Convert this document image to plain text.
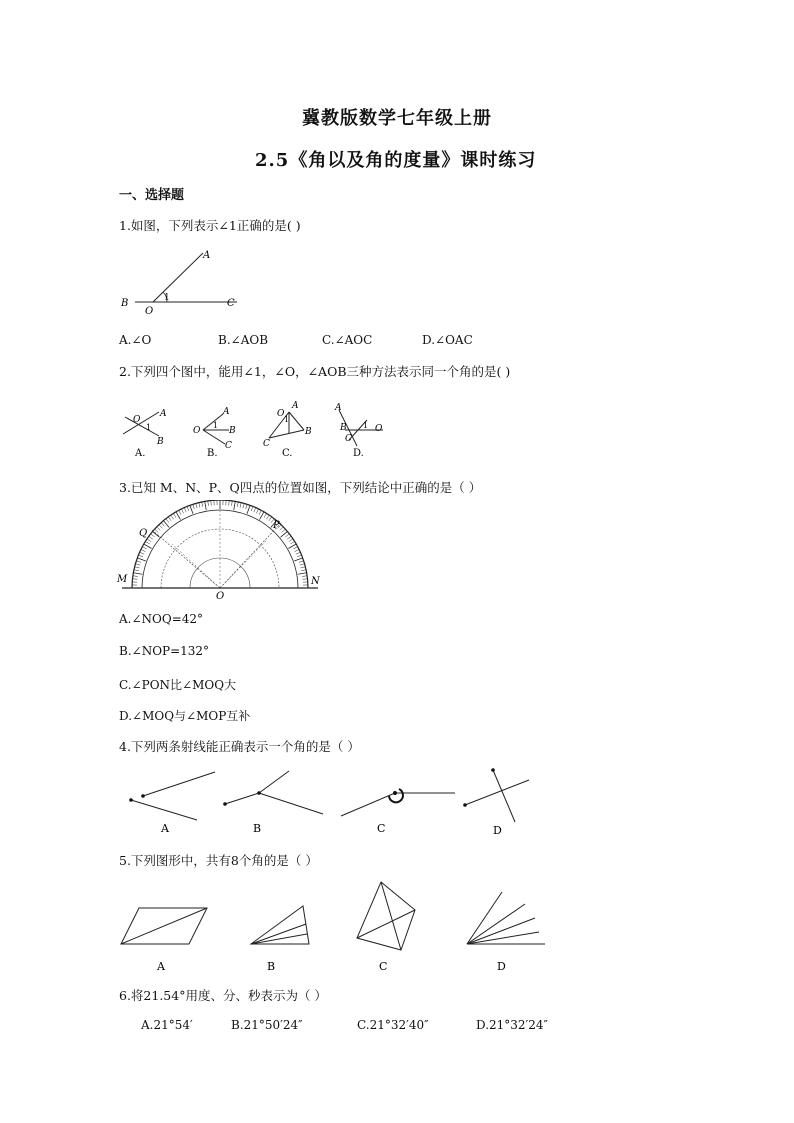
冀教版数学七年级上册
2.5《角以及角的度量》课时练习
一、选择题
1.如图，下列表示∠1正确的是( )
A
B
O
C
1
A.∠O	B.∠AOB	C.∠AOC	D.∠OAC
2.下列四个图中，能用∠1，∠O，∠AOB三种方法表示同一个角的是( )
O
A
B
1
A.
O
A
B
C
1
B.
O
A
B
C
1
C.
A
B
C
O
1
D.
3.已知 M、N、P、Q四点的位置如图，下列结论中正确的是（ ）
Q
P
M	N
O
A.∠NOQ=42°
B.∠NOP=132°
C.∠PON比∠MOQ大
D.∠MOQ与∠MOP互补
4.下列两条射线能正确表示一个角的是（ ）
A	B	C	D
5.下列图形中，共有8个角的是（ ）
A	B	C	D
6.将21.54°用度、分、秒表示为（ ）
A.21°54′	B.21°50′24″	C.21°32′40″	D.21°32′24″
